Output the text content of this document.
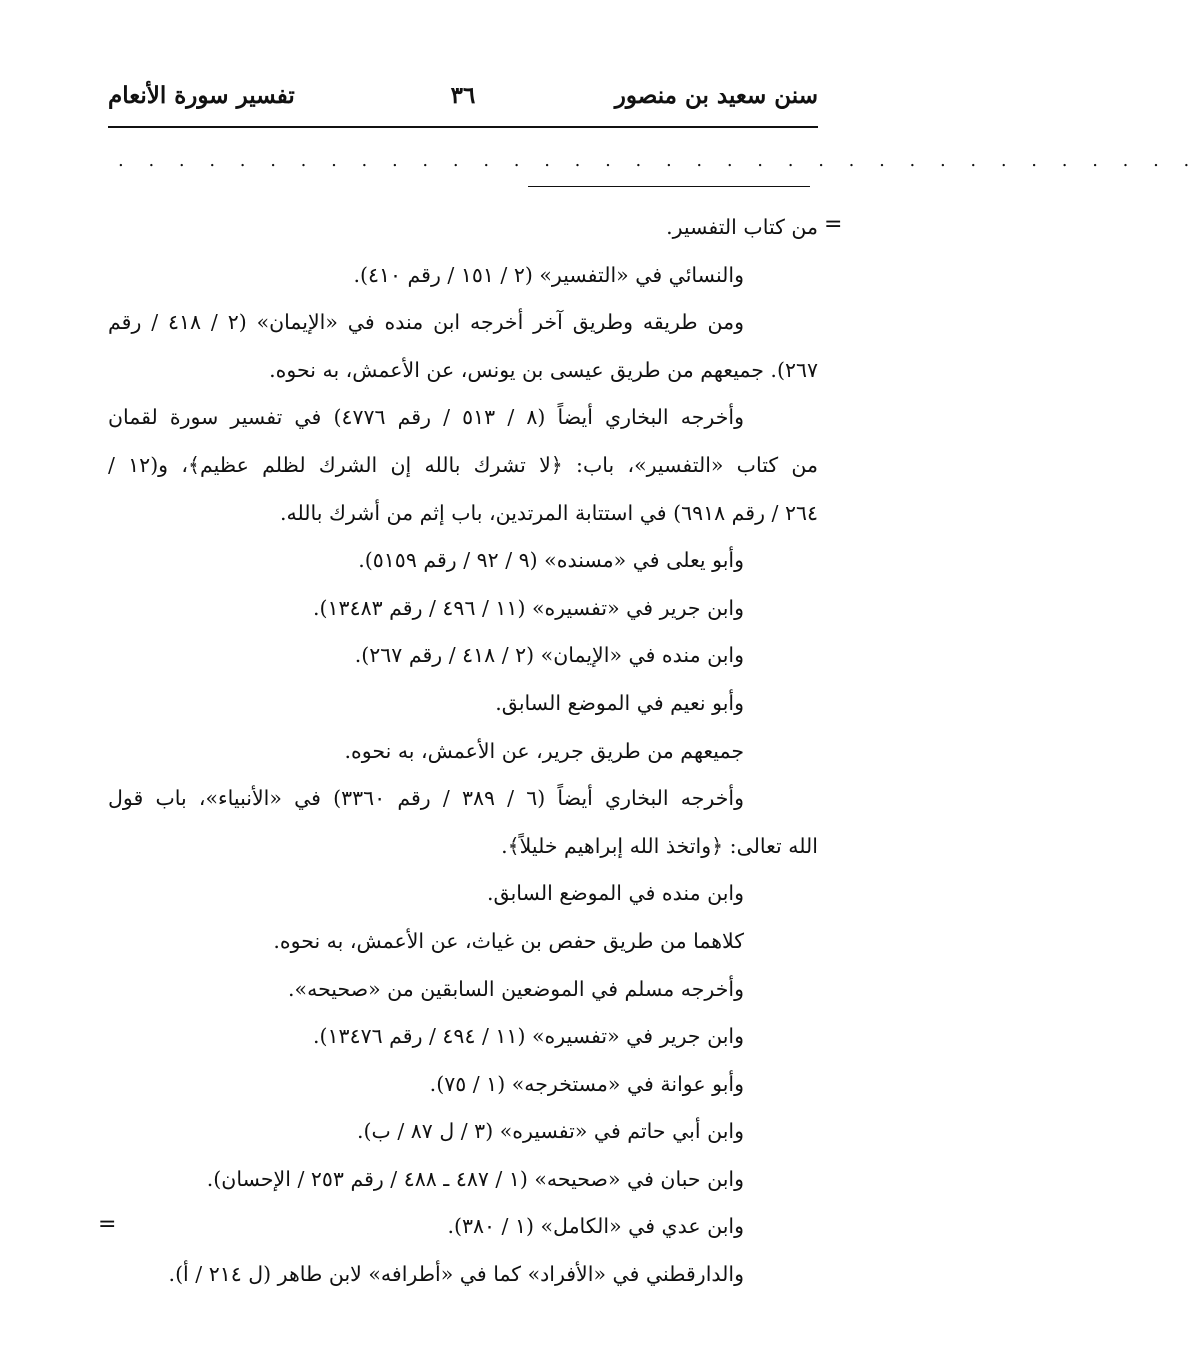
سنن سعيد بن منصور
٣٦
تفسير سورة الأنعام
. . . . . . . . . . . . . . . . . . . . . . . . . . . . . . . . . . . .
=
=
من كتاب التفسير.
والنسائي في «التفسير» (٢ / ١٥١ / رقم ٤١٠).
ومن طريقه وطريق آخر أخرجه ابن منده في «الإيمان» (٢ / ٤١٨ / رقم
٢٦٧). جميعهم من طريق عيسى بن يونس، عن الأعمش، به نحوه.
وأخرجه البخاري أيضاً (٨ / ٥١٣ / رقم ٤٧٧٦) في تفسير سورة لقمان
من كتاب «التفسير»، باب: ﴿لا تشرك بالله إن الشرك لظلم عظيم﴾، و(١٢ /
٢٦٤ / رقم ٦٩١٨) في استتابة المرتدين، باب إثم من أشرك بالله.
وأبو يعلى في «مسنده» (٩ / ٩٢ / رقم ٥١٥٩).
وابن جرير في «تفسيره» (١١ / ٤٩٦ / رقم ١٣٤٨٣).
وابن منده في «الإيمان» (٢ / ٤١٨ / رقم ٢٦٧).
وأبو نعيم في الموضع السابق.
جميعهم من طريق جرير، عن الأعمش، به نحوه.
وأخرجه البخاري أيضاً (٦ / ٣٨٩ / رقم ٣٣٦٠) في «الأنبياء»، باب قول
الله تعالى: ﴿واتخذ الله إبراهيم خليلاً﴾.
وابن منده في الموضع السابق.
كلاهما من طريق حفص بن غياث، عن الأعمش، به نحوه.
وأخرجه مسلم في الموضعين السابقين من «صحيحه».
وابن جرير في «تفسيره» (١١ / ٤٩٤ / رقم ١٣٤٧٦).
وأبو عوانة في «مستخرجه» (١ / ٧٥).
وابن أبي حاتم في «تفسيره» (٣ / ل ٨٧ / ب).
وابن حبان في «صحيحه» (١ / ٤٨٧ ـ ٤٨٨ / رقم ٢٥٣ / الإحسان).
وابن عدي في «الكامل» (١ / ٣٨٠).
والدارقطني في «الأفراد» كما في «أطرافه» لابن طاهر (ل ٢١٤ / أ).
